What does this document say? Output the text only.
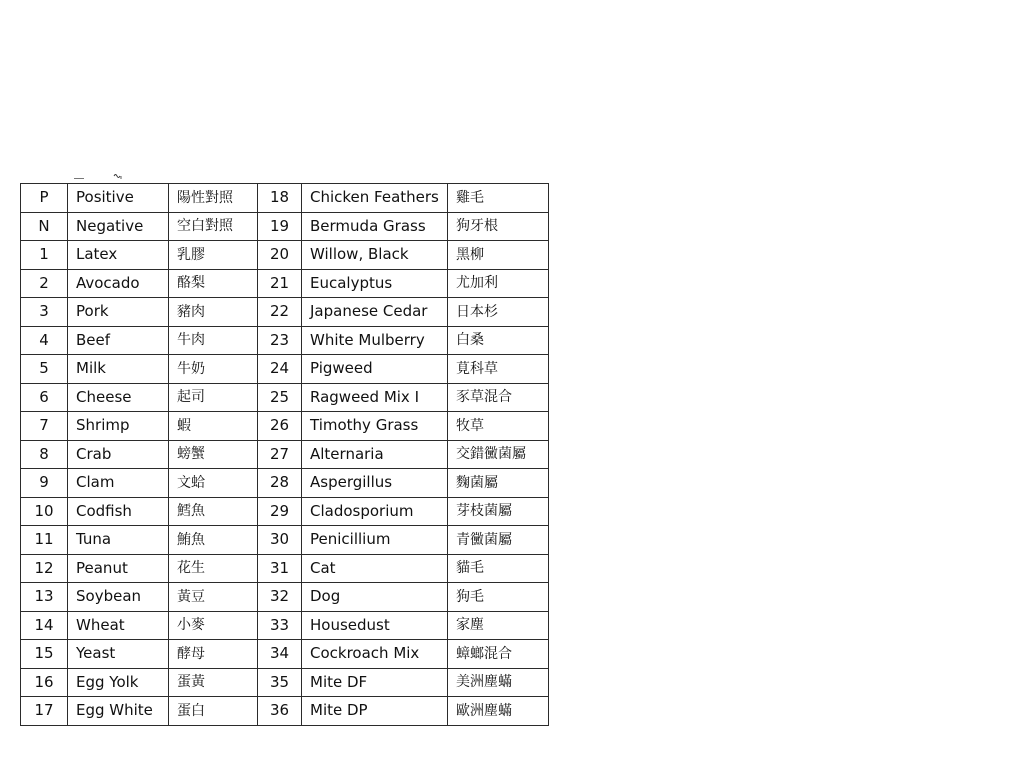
P	Positive	陽性對照	18	Chicken Feathers	雞毛
N	Negative	空白對照	19	Bermuda Grass	狗牙根
1	Latex	乳膠	20	Willow, Black	黑柳
2	Avocado	酪梨	21	Eucalyptus	尤加利
3	Pork	豬肉	22	Japanese Cedar	日本杉
4	Beef	牛肉	23	White Mulberry	白桑
5	Milk	牛奶	24	Pigweed	莧科草
6	Cheese	起司	25	Ragweed Mix I	豕草混合
7	Shrimp	蝦	26	Timothy Grass	牧草
8	Crab	螃蟹	27	Alternaria	交錯黴菌屬
9	Clam	文蛤	28	Aspergillus	麴菌屬
10	Codfish	鱈魚	29	Cladosporium	芽枝菌屬
11	Tuna	鮪魚	30	Penicillium	青黴菌屬
12	Peanut	花生	31	Cat	貓毛
13	Soybean	黃豆	32	Dog	狗毛
14	Wheat	小麥	33	Housedust	家塵
15	Yeast	酵母	34	Cockroach Mix	蟑螂混合
16	Egg Yolk	蛋黃	35	Mite DF	美洲塵蟎
17	Egg White	蛋白	36	Mite DP	歐洲塵蟎
